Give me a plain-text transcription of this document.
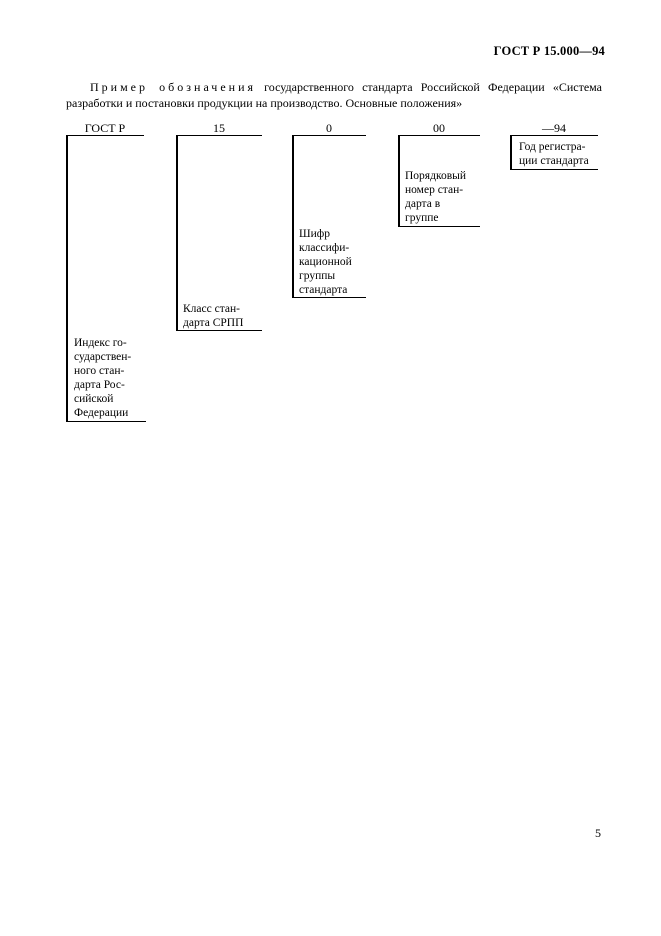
ГОСТ Р 15.000—94

Пример обозначения государственного стандарта Российской Федерации «Система разработки и постановки продукции на производство. Основные положения»

ГОСТ Р
Индекс го-
сударствен-
ного стан-
дарта Рос-
сийской
Федерации
15
Класс стан-
дарта СРПП
0
Шифр
классифи-
кационной
группы
стандарта
00
Порядковый
номер стан-
дарта в
группе
—94
Год регистра-
ции стандарта
5
